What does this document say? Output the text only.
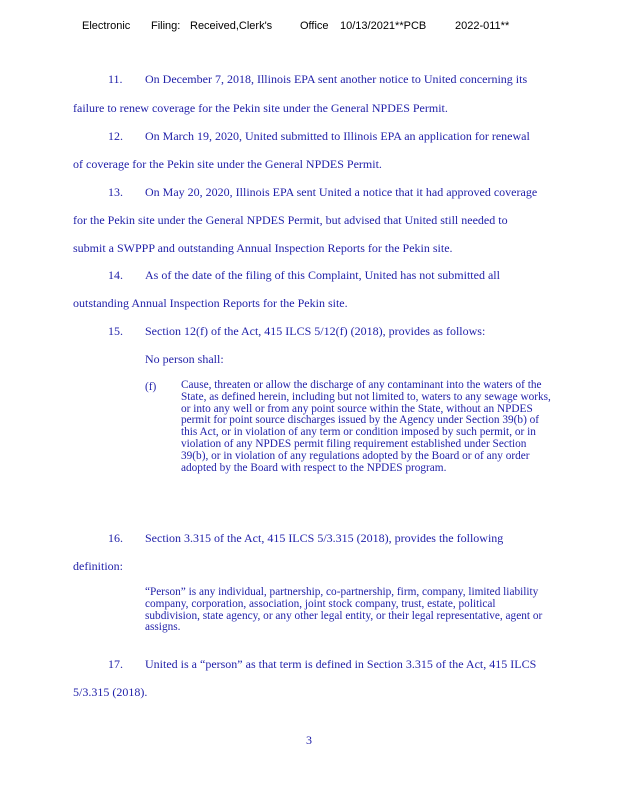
Electronic Filing: Received,Clerk's	Office 10/13/2021**PCB	2022-011**
11. On December 7, 2018, Illinois EPA sent another notice to United concerning its
failure to renew coverage for the Pekin site under the General NPDES Permit.
12. On March 19, 2020, United submitted to Illinois EPA an application for renewal
of coverage for the Pekin site under the General NPDES Permit.
13. On May 20, 2020, Illinois EPA sent United a notice that it had approved coverage
for the Pekin site under the General NPDES Permit, but advised that United still needed to
submit a SWPPP and outstanding Annual Inspection Reports for the Pekin site.
14. As of the date of the filing of this Complaint, United has not submitted all
outstanding Annual Inspection Reports for the Pekin site.
15. Section 12(f) of the Act, 415 ILCS 5/12(f) (2018), provides as follows:
No person shall:
(f) Cause, threaten or allow the discharge of any contaminant into the waters of the State, as defined herein, including but not limited to, waters to any sewage works, or into any well or from any point source within the State, without an NPDES permit for point source discharges issued by the Agency under Section 39(b) of this Act, or in violation of any term or condition imposed by such permit, or in violation of any NPDES permit filing requirement established under Section 39(b), or in violation of any regulations adopted by the Board or of any order adopted by the Board with respect to the NPDES program.
16. Section 3.315 of the Act, 415 ILCS 5/3.315 (2018), provides the following
definition:
“Person” is any individual, partnership, co-partnership, firm, company, limited liability company, corporation, association, joint stock company, trust, estate, political subdivision, state agency, or any other legal entity, or their legal representative, agent or assigns.
17. United is a “person” as that term is defined in Section 3.315 of the Act, 415 ILCS
5/3.315 (2018).
3
